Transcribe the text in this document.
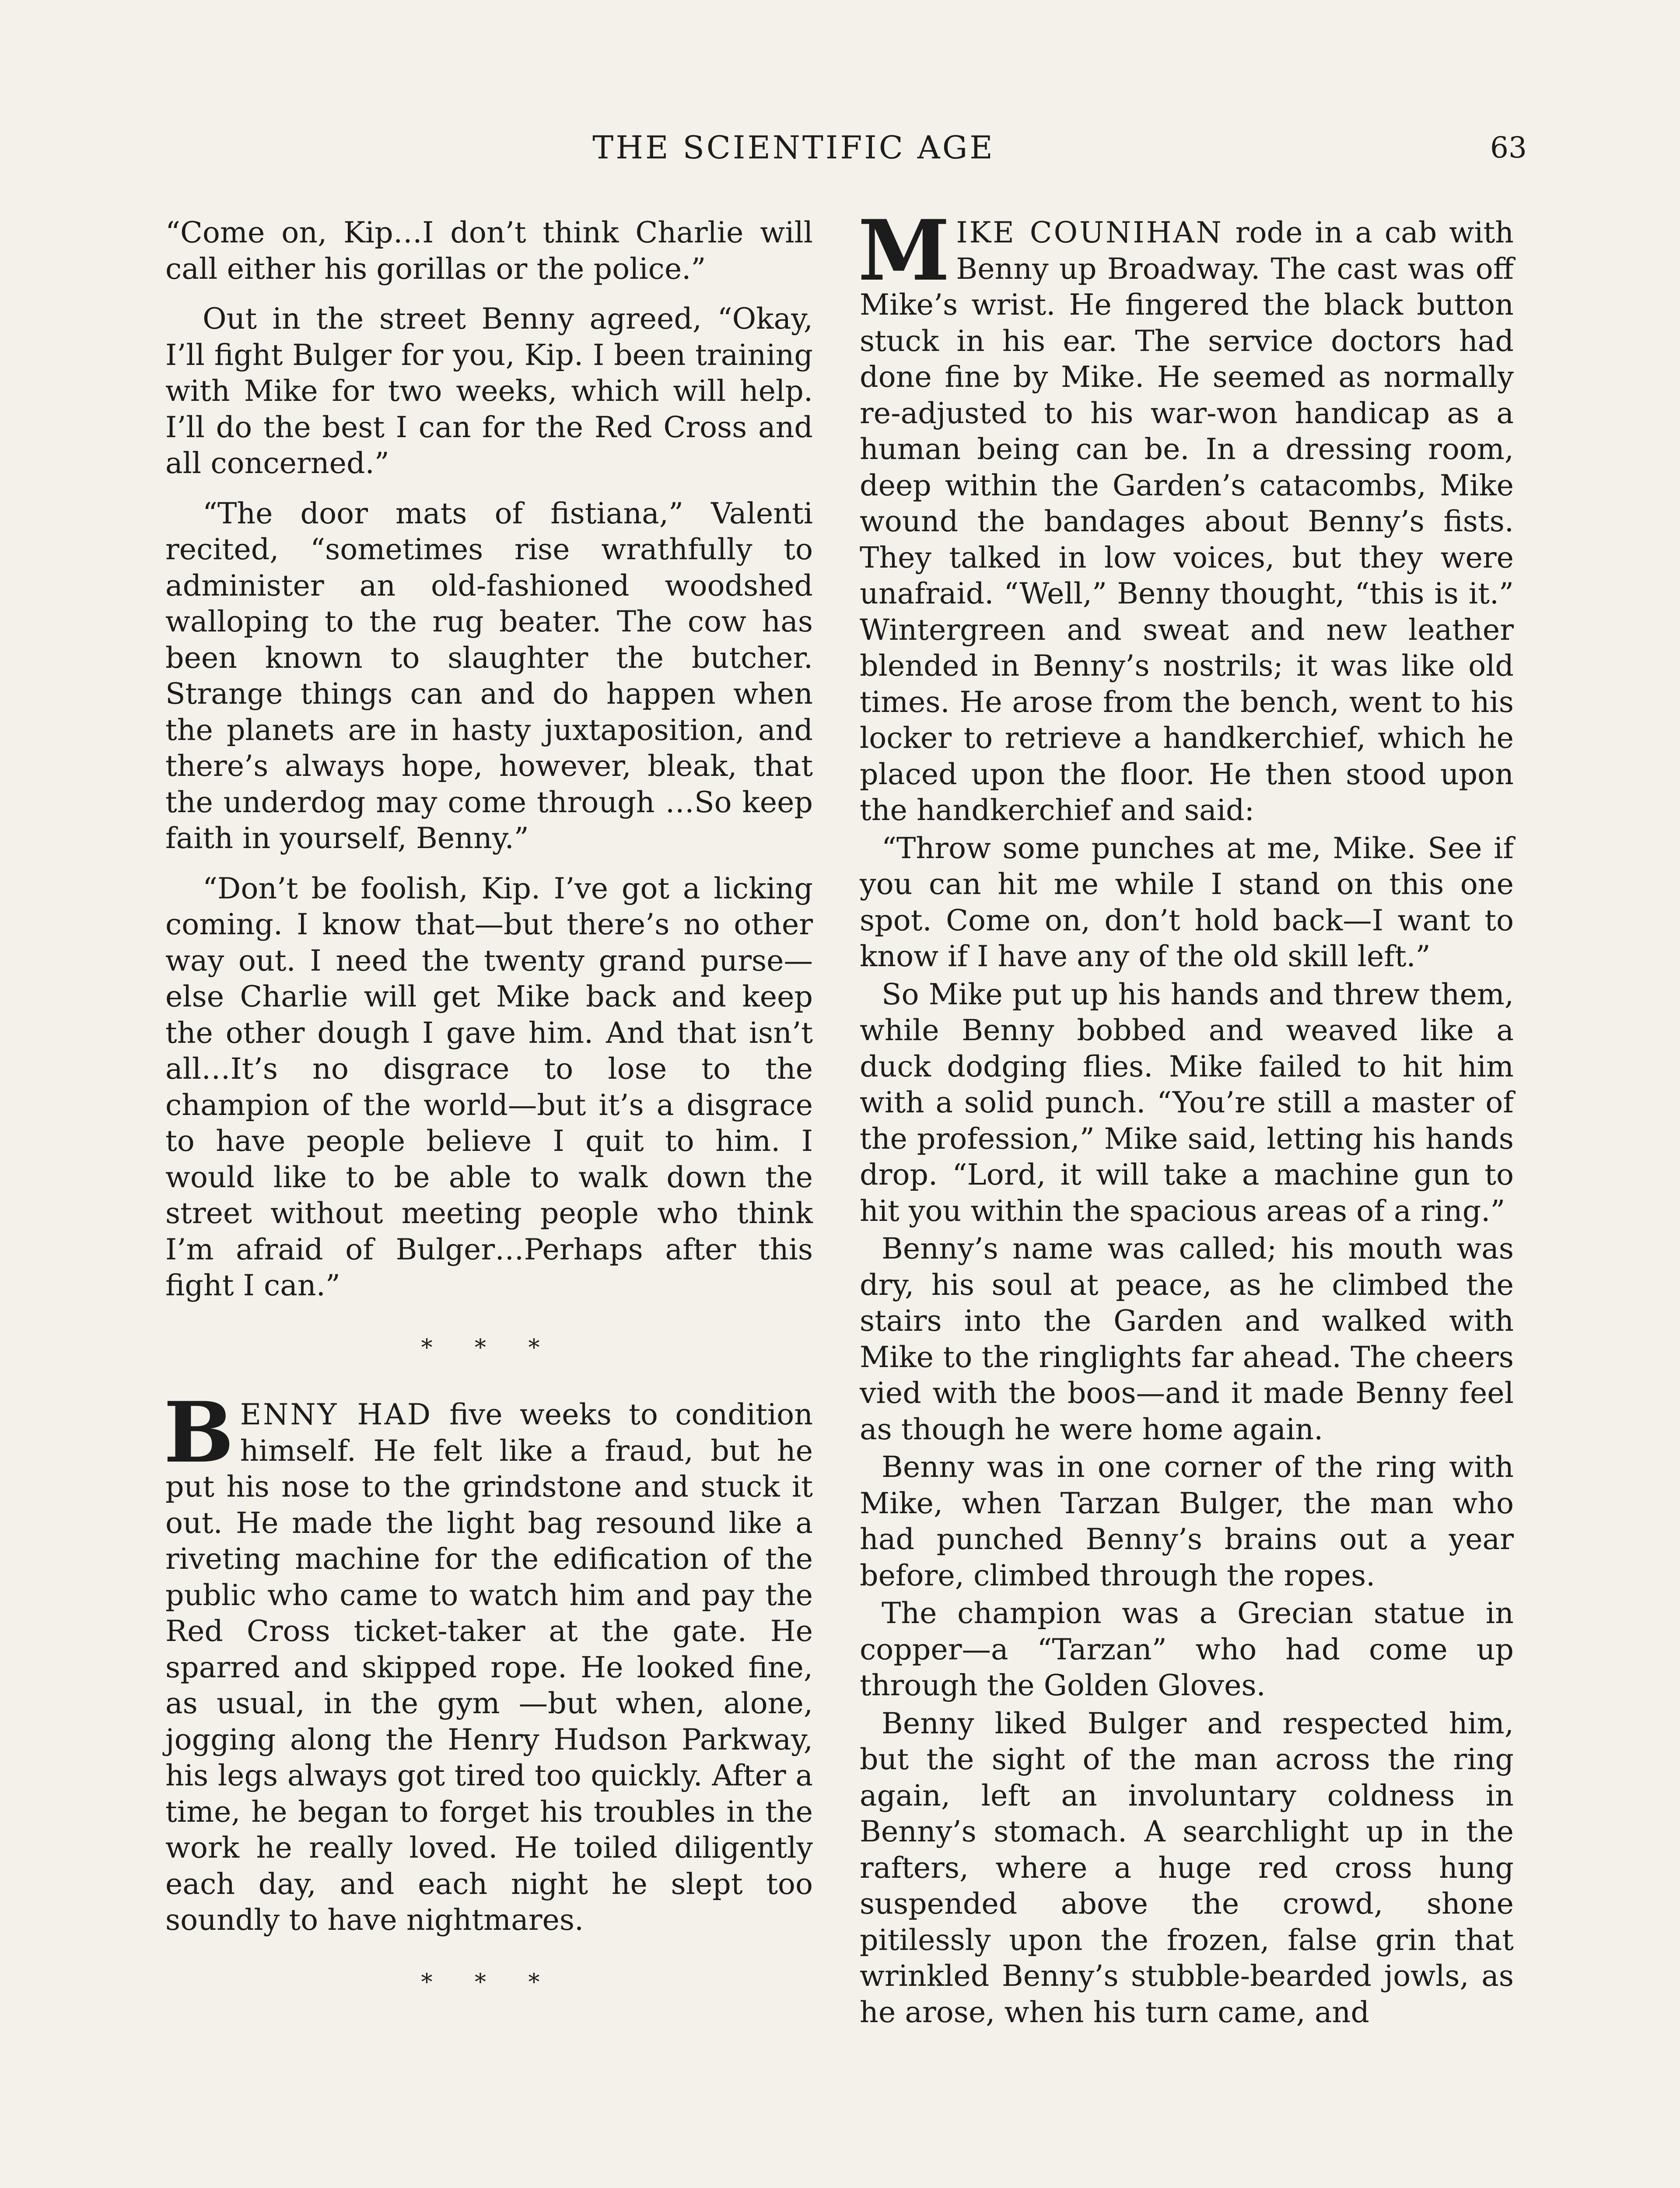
THE SCIENTIFIC AGE	63

“Come on, Kip…I don’t think Charlie will call either his gorillas or the police.”

Out in the street Benny agreed, “Okay, I’ll fight Bulger for you, Kip. I been training with Mike for two weeks, which will help. I’ll do the best I can for the Red Cross and all concerned.”

“The door mats of fistiana,” Valenti recited, “sometimes rise wrathfully to administer an old-fashioned woodshed walloping to the rug beater. The cow has been known to slaughter the butcher. Strange things can and do happen when the planets are in hasty juxtaposition, and there’s always hope, however, bleak, that the underdog may come through …So keep faith in yourself, Benny.”

“Don’t be foolish, Kip. I’ve got a licking coming. I know that—but there’s no other way out. I need the twenty grand purse—else Charlie will get Mike back and keep the other dough I gave him. And that isn’t all…It’s no disgrace to lose to the champion of the world—but it’s a disgrace to have people believe I quit to him. I would like to be able to walk down the street without meeting people who think I’m afraid of Bulger…Perhaps after this fight I can.”

* * *

BENNY HAD five weeks to condition himself. He felt like a fraud, but he put his nose to the grindstone and stuck it out. He made the light bag resound like a riveting machine for the edification of the public who came to watch him and pay the Red Cross ticket-taker at the gate. He sparred and skipped rope. He looked fine, as usual, in the gym —but when, alone, jogging along the Henry Hudson Parkway, his legs always got tired too quickly. After a time, he began to forget his troubles in the work he really loved. He toiled diligently each day, and each night he slept too soundly to have nightmares.

* * *

MIKE COUNIHAN rode in a cab with Benny up Broadway. The cast was off Mike’s wrist. He fingered the black button stuck in his ear. The service doctors had done fine by Mike. He seemed as normally re-adjusted to his war-won handicap as a human being can be. In a dressing room, deep within the Garden’s catacombs, Mike wound the bandages about Benny’s fists. They talked in low voices, but they were unafraid. “Well,” Benny thought, “this is it.” Wintergreen and sweat and new leather blended in Benny’s nostrils; it was like old times. He arose from the bench, went to his locker to retrieve a handkerchief, which he placed upon the floor. He then stood upon the handkerchief and said:

“Throw some punches at me, Mike. See if you can hit me while I stand on this one spot. Come on, don’t hold back—I want to know if I have any of the old skill left.”

So Mike put up his hands and threw them, while Benny bobbed and weaved like a duck dodging flies. Mike failed to hit him with a solid punch. “You’re still a master of the profession,” Mike said, letting his hands drop. “Lord, it will take a machine gun to hit you within the spacious areas of a ring.”

Benny’s name was called; his mouth was dry, his soul at peace, as he climbed the stairs into the Garden and walked with Mike to the ringlights far ahead. The cheers vied with the boos—and it made Benny feel as though he were home again.

Benny was in one corner of the ring with Mike, when Tarzan Bulger, the man who had punched Benny’s brains out a year before, climbed through the ropes.

The champion was a Grecian statue in copper—a “Tarzan” who had come up through the Golden Gloves.

Benny liked Bulger and respected him, but the sight of the man across the ring again, left an involuntary coldness in Benny’s stomach. A searchlight up in the rafters, where a huge red cross hung suspended above the crowd, shone pitilessly upon the frozen, false grin that wrinkled Benny’s stubble-bearded jowls, as he arose, when his turn came, and
